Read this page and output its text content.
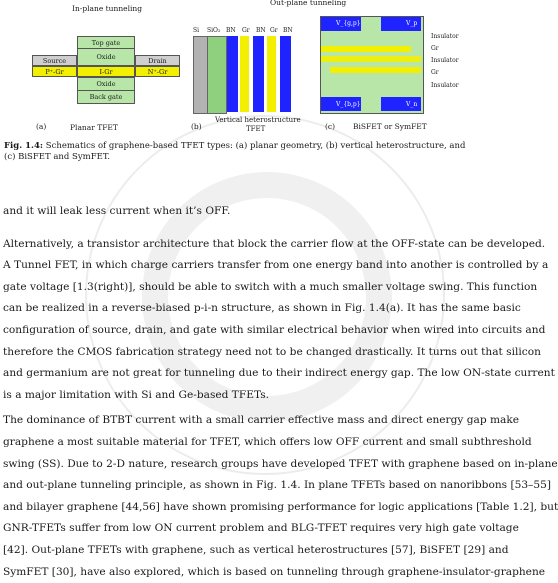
In-plane tunneling
Top gate
Oxide
Source	Drain
P⁺-Gr	I-Gr	N⁺-Gr
Oxide
Back gate
(a)	Planar TFET
Out-plane tunneling
Si SiO₂ BN Gr BN Gr BN
(b)
Vertical heterostructure
TFET
V_{g,p}	V_p
V_{b,p}	V_n
Insulator
Gr
Insulator
Gr
Insulator
(c) BiSFET or SymFET
Fig. 1.4: Schematics of graphene-based TFET types: (a) planar geometry, (b) vertical heterostructure, and
(c) BiSFET and SymFET.
and it will leak less current when it’s OFF.
Alternatively, a transistor architecture that block the carrier flow at the OFF-state can be developed.
A Tunnel FET, in which charge carriers transfer from one energy band into another is controlled by a
gate voltage [1.3(right)], should be able to switch with a much smaller voltage swing. This function
can be realized in a reverse-biased p-i-n structure, as shown in Fig. 1.4(a). It has the same basic
configuration of source, drain, and gate with similar electrical behavior when wired into circuits and
therefore the CMOS fabrication strategy need not to be changed drastically. It turns out that silicon
and germanium are not great for tunneling due to their indirect energy gap. The low ON-state current
is a major limitation with Si and Ge-based TFETs.
The dominance of BTBT current with a small carrier effective mass and direct energy gap make
graphene a most suitable material for TFET, which offers low OFF current and small subthreshold
swing (SS). Due to 2-D nature, research groups have developed TFET with graphene based on in-plane
and out-plane tunneling principle, as shown in Fig. 1.4. In plane TFETs based on nanoribbons [53–55]
and bilayer graphene [44,56] have shown promising performance for logic applications [Table 1.2], but
GNR-TFETs suffer from low ON current problem and BLG-TFET requires very high gate voltage
[42]. Out-plane TFETs with graphene, such as vertical heterostructures [57], BiSFET [29] and
SymFET [30], have also explored, which is based on tunneling through graphene-insulator-graphene
